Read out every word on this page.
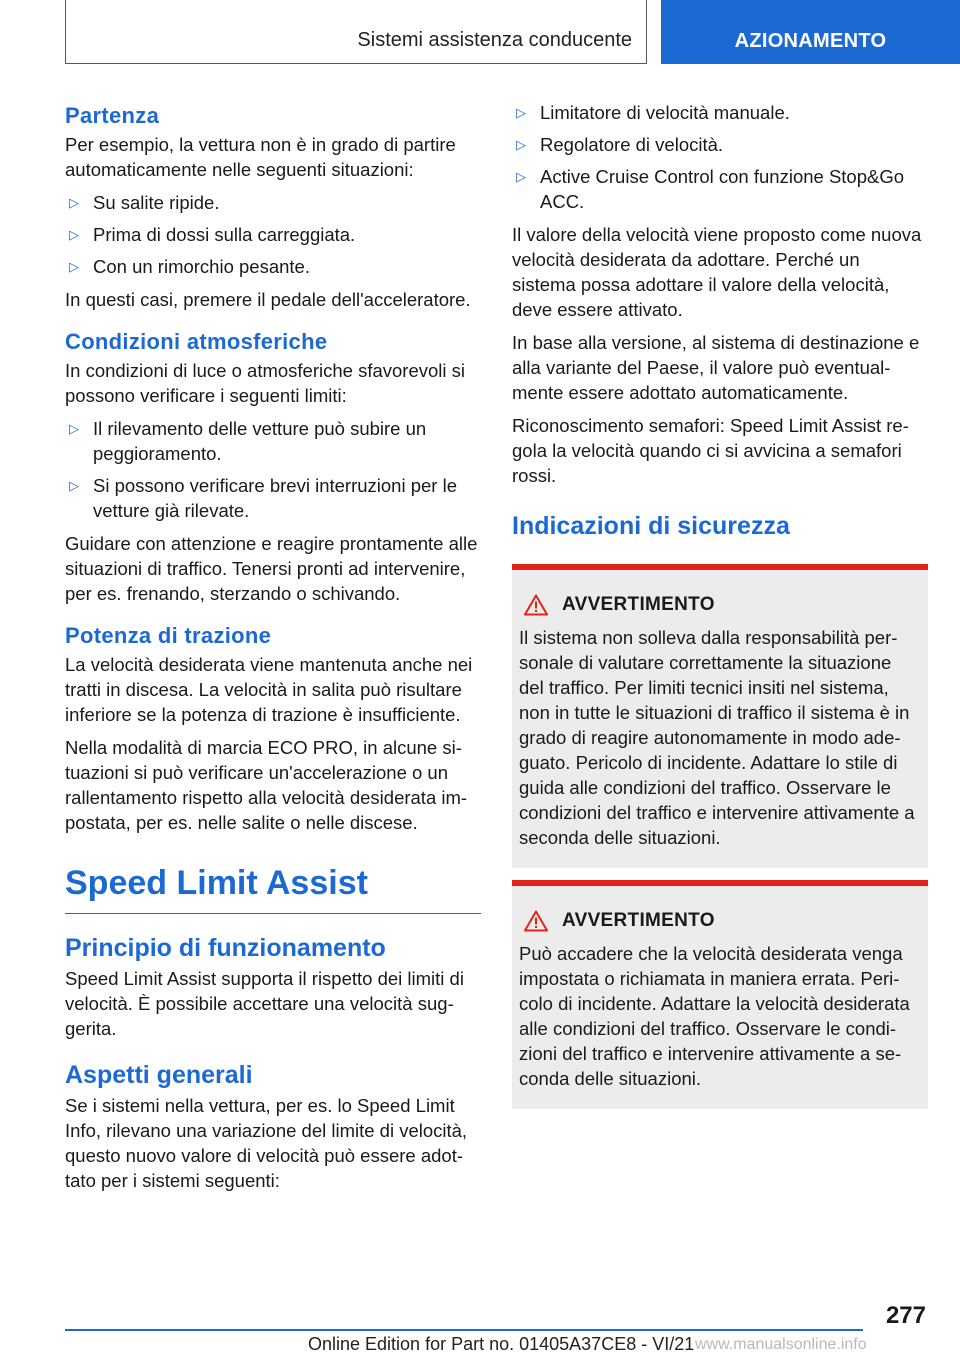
Sistemi assistenza conducente	AZIONAMENTO
Partenza

Per esempio, la vettura non è in grado di partire automaticamente nelle seguenti situazioni:

▷ Su salite ripide.
▷ Prima di dossi sulla carreggiata.
▷ Con un rimorchio pesante.

In questi casi, premere il pedale dell'acceleratore.

Condizioni atmosferiche

In condizioni di luce o atmosferiche sfavorevoli si possono verificare i seguenti limiti:

▷ Il rilevamento delle vetture può subire un peggioramento.
▷ Si possono verificare brevi interruzioni per le vetture già rilevate.

Guidare con attenzione e reagire prontamente alle situazioni di traffico. Tenersi pronti ad intervenire, per es. frenando, sterzando o schivando.

Potenza di trazione

La velocità desiderata viene mantenuta anche nei tratti in discesa. La velocità in salita può risultare inferiore se la potenza di trazione è insufficiente.

Nella modalità di marcia ECO PRO, in alcune situazioni si può verificare un'accelerazione o un rallentamento rispetto alla velocità desiderata impostata, per es. nelle salite o nelle discese.

Speed Limit Assist
Principio di funzionamento

Speed Limit Assist supporta il rispetto dei limiti di velocità. È possibile accettare una velocità suggerita.

Aspetti generali

Se i sistemi nella vettura, per es. lo Speed Limit Info, rilevano una variazione del limite di velocità, questo nuovo valore di velocità può essere adottato per i sistemi seguenti:

▷ Limitatore di velocità manuale.
▷ Regolatore di velocità.
▷ Active Cruise Control con funzione Stop&Go ACC.

Il valore della velocità viene proposto come nuova velocità desiderata da adottare. Perché un sistema possa adottare il valore della velocità, deve essere attivato.

In base alla versione, al sistema di destinazione e alla variante del Paese, il valore può eventualmente essere adottato automaticamente.

Riconoscimento semafori: Speed Limit Assist regola la velocità quando ci si avvicina a semafori rossi.

Indicazioni di sicurezza
AVVERTIMENTO

Il sistema non solleva dalla responsabilità personale di valutare correttamente la situazione del traffico. Per limiti tecnici insiti nel sistema, non in tutte le situazioni di traffico il sistema è in grado di reagire autonomamente in modo adeguato. Pericolo di incidente. Adattare lo stile di guida alle condizioni del traffico. Osservare le condizioni del traffico e intervenire attivamente a seconda delle situazioni.

AVVERTIMENTO

Può accadere che la velocità desiderata venga impostata o richiamata in maniera errata. Pericolo di incidente. Adattare la velocità desiderata alle condizioni del traffico. Osservare le condizioni del traffico e intervenire attivamente a seconda delle situazioni.

277
Online Edition for Part no. 01405A37CE8 - VI/21 www.manualsonline.info
